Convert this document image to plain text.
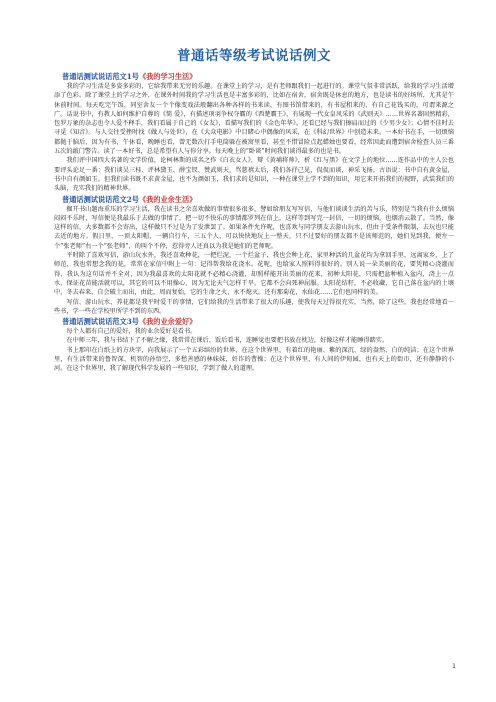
普通话等级考试说话例文
普通话测试说话范文1号《我的学习生活》

我的学习生活是多姿多彩的，它给我带来无穷的乐趣。在课堂上的学习，是有老师跟我们一起进行的。课堂气氛非常活跃，给我的学习生活增添了色彩。除了课堂上的学习之外，在课外时间我的学习生活也是丰富多彩的，比如在宿舍，宿舍既是休息的地方，也是读书的好场所，尤其是午休前时间。每天吃完午饭，同室舍友一个个像变戏法般翻出各种各样的书来读，有图书馆借来的，有书屋租来的，有自己花钱买的，可谓来源之广。话说书中，有教人如何维护自尊的《简 爱》，有描述项羽争权夺霸的《西楚霸王》，有展现一代女皇风采的《武则天》……世界名著固然精彩，包罗万象的杂志也令人爱不释手，我们看属于自己的《女友》，看描写我们的《金色年华》。还看已经与我们擦肩而过的《少男少女》；心情不佳时去寻觅《知音》。与人交往受挫时找《做人与处世》，在《大众电影》中目睹心中偶像的风采，在《科幻世界》中创造未来。一本好书在手，一切烦恼都抛于脑后，因为有书，午休看，晚睡也看，曾无数次打手电筒躲在被窝里看，甚至不惜冒险点起蜡烛也要看，经常因此而遭到宿舍检查人员三番五次的敲门警告。读了一本好书，总是希望有人与你分享。每天晚上的“卧谈”时间我们谈得最多的也是书。

我们评中国四大名著的文学价值，论柯林斯的成名之作《白衣女人》，辩《黄埔将帅》，析《红与黑》在文学上的地位……连作品中的主人公也要评头论足一番：我们谈吴三桂、评林黛玉、薛宝钗、赞武则天，骂慈禧太后，我们各抒己见，侃侃而谈，神采飞扬。古语说：书中自有黄金屋，书中自有颜如玉。但我们读书既不求黄金屋，也不为颜如玉，我们求的是知识，一种在课堂上学不到的知识，用它来开拓我们的视野，武装我们的头脑，充实我们的精神世界。

普通话测试说话范文2号《我的业余生活》

掘开书山题海重压的学习生活，我在读书之余喜欢做的事情很多很多，譬如给朋友写写信，与他们谈谈生活的苦与乐，特别是当我有什么烦恼闷闷不乐时，写信便是我最乐于去做的事情了，把一切不快乐的事情都罗列在信上，这样等到写完一封信，一切的烦恼，也烟消云散了。当然，像这样的信，大多数都不会寄出，这样做只不过是为了发泄罢了。如果条件允许呢，也喜欢与同学朋友去游山玩水，但由于受条件限制，去玩也只能去近的地方。假日里，一顶太阳帽，一辆自行车，三五个人，可以快快地玩上一整天，只不过要好的朋友都不是该师范的，她们见到我，便左一个“张老师”右一个“张老师”，的叫个不停，惹得旁人还真以为我是她们的老师呢。

平时除了喜欢写信，游山玩水外，我还喜欢种花，一把烂泥，一个烂盆子，我也会种上花，家里种活的几盆花均为拿回手里，远离家乡，上了师范，我也常想念我的花，常常在家信中附上一句：记得帮我给花浇水。花呢，也给家人照料得很好的。别人说一朵美丽的花，要凭精心浇灌而得，我认为这句话并不全对，因为我最喜欢的太阳花就不必精心浇灌，却照样能开出美丽的花来，初种太阳花，只需把盆种植入盆内，浇上一点水，保证花苗能活就可以，其它的可以不用操心，因为无论天气怎样干旱，它都不会向死神屈服。太阳花结籽，不必收藏，它自己落在盆内的土壤中，冬去春来，自会破土而出，由此，周而复始，它的生命之火，永不熄灭。还有那菊花，水仙花……它们也同样的美。

写信、游山玩水、养花都是我平时爱干的事情，它们给我的生活带来了很大的乐趣，使我每天过得很充实，当然，除了这些，我也经常地看一些书，学一些在学校里所学不到的东西。

普通话测试说话范文3号《我的业余爱好》

每个人都有自己的爱好，我的业余爱好是看书。

在中师三年，我与书结下了不解之缘，我常常在课后、饭后看书，连睡觉也要把书放在枕边，好像这样才能睡得踏实。

书上那印在白纸上的方块字，向我展示了一个五彩缤纷的世界，在这个世界里，有着红的艳丽、紫的深沉、绿的盎然、白的纯洁；在这个世界里，有生活带来的鲁智深、机智的孙悟空，多愁善感的林妹妹，奸诈的曹操；在这个世界里，有人间的伊甸园，也有天上的街市，还有静静的小河。在这个世界里，我了解现代科学发展的一些知识，学到了做人的道理。

1
